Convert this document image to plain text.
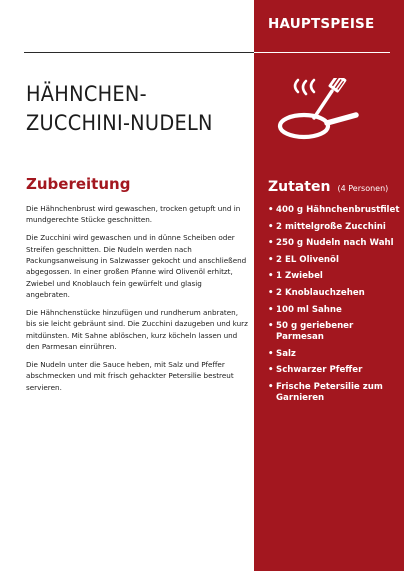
HAUPTSPEISE
HÄHNCHEN-
ZUCCHINI-NUDELN
Zubereitung

Die Hähnchenbrust wird gewaschen, trocken getupft und in mundgerechte Stücke geschnitten.

Die Zucchini wird gewaschen und in dünne Scheiben oder Streifen geschnitten. Die Nudeln werden nach Packungsanweisung in Salzwasser gekocht und anschließend abgegossen. In einer großen Pfanne wird Olivenöl erhitzt, Zwiebel und Knoblauch fein gewürfelt und glasig angebraten.

Die Hähnchenstücke hinzufügen und rundherum anbraten, bis sie leicht gebräunt sind. Die Zucchini dazugeben und kurz mitdünsten. Mit Sahne ablöschen, kurz köcheln lassen und den Parmesan einrühren.

Die Nudeln unter die Sauce heben, mit Salz und Pfeffer abschmecken und mit frisch gehackter Petersilie bestreut servieren.

Zutaten (4 Personen)
• 400 g Hähnchenbrustfilet
• 2 mittelgroße Zucchini
• 250 g Nudeln nach Wahl
• 2 EL Olivenöl
• 1 Zwiebel
• 2 Knoblauchzehen
• 100 ml Sahne
• 50 g geriebener Parmesan
• Salz
• Schwarzer Pfeffer
• Frische Petersilie zum Garnieren
